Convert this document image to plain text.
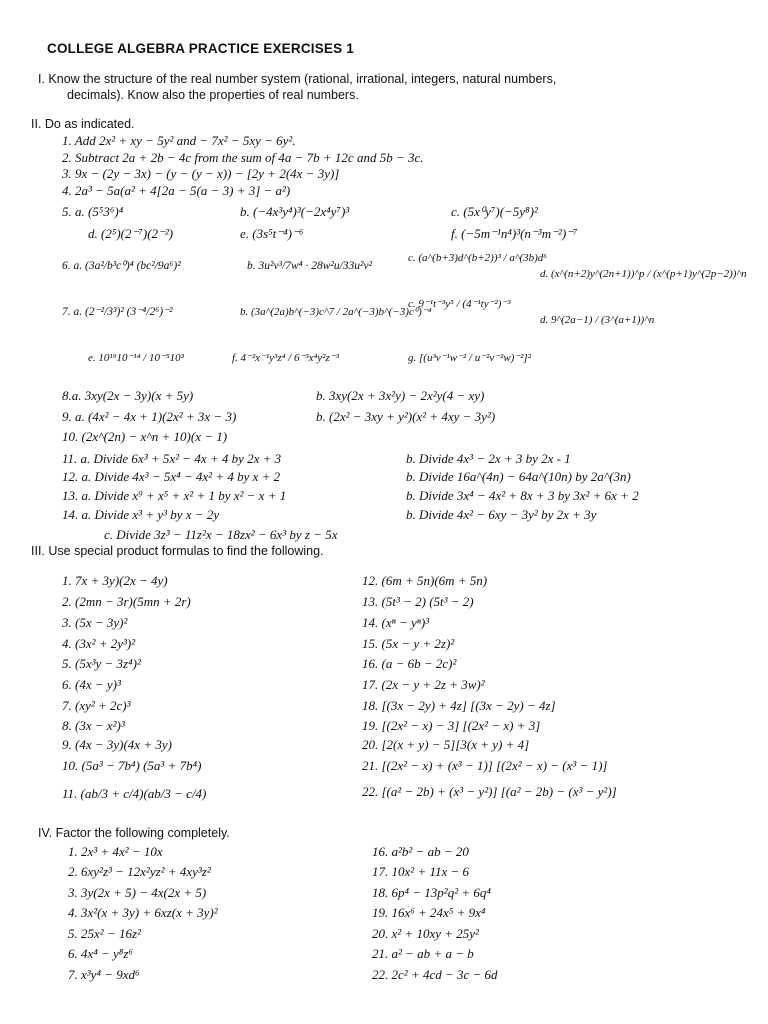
COLLEGE ALGEBRA PRACTICE EXERCISES 1
I. Know the structure of the real number system (rational, irrational, integers, natural numbers,
decimals). Know also the properties of real numbers.
II. Do as indicated.
1. Add 2x² + xy − 5y² and − 7x² − 5xy − 6y².
2. Subtract 2a + 2b − 4c from the sum of 4a − 7b + 12c and 5b − 3c.
3. 9x − (2y − 3x) − (y − (y − x)) − [2y + 2(4x − 3y)]
4. 2a³ − 5a(a² + 4[2a − 5(a − 3) + 3] − a²)
5. a. (5⁵3⁶)⁴	b. (−4x³y⁴)³(−2x⁴y⁷)³	c. (5x⁰y⁷)(−5y⁸)²
d. (2⁵)(2⁻⁷)(2⁻²)	e. (3s⁵t⁻⁴)⁻⁶	f. (−5m⁻¹n⁴)³(n⁻³m⁻²)⁻⁷
6. a. (3a²/b³c⁰)⁴ (bc²/9a⁶)²	b. 3u²v³/7w⁴ · 28w²u/33u²v²
c. (a^(b+3)d^(b+2))³ / a^(3b)d⁶
d. (x^(n+2)y^(2n+1))^p / (x^(p+1)y^(2p−2))^n
7. a. (2⁻²/3³)² (3⁻⁴/2⁶)⁻²	b. (3a^(2a)b^(−3)c^7 / 2a^(−3)b^(−3)c⁰)⁻⁴
c. 9⁻¹t⁻³y⁵ / (4⁻¹ty⁻²)⁻³
d. 9^(2a−1) / (3^(a+1))^n
e. 10¹⁹10⁻¹⁴ / 10⁻⁵10³	f. 4⁻²x⁻¹y³z⁴ / 6⁻³x⁴y²z⁻³	g. [(u³v⁻¹w⁻² / u⁻²v⁻²w)⁻²]²
8.a. 3xy(2x − 3y)(x + 5y)	b. 3xy(2x + 3x²y) − 2x²y(4 − xy)
9. a. (4x² − 4x + 1)(2x² + 3x − 3)	b. (2x² − 3xy + y²)(x² + 4xy − 3y²)
10. (2x^(2n) − x^n + 10)(x − 1)
11. a. Divide 6x³ + 5x² − 4x + 4 by 2x + 3	b. Divide 4x³ − 2x + 3 by 2x - 1
12. a. Divide 4x³ − 5x⁴ − 4x² + 4 by x + 2	b. Divide 16a^(4n) − 64a^(10n) by 2a^(3n)
13. a. Divide x⁹ + x⁵ + x² + 1 by x² − x + 1	b. Divide 3x⁴ − 4x² + 8x + 3 by 3x² + 6x + 2
14. a. Divide x³ + y³ by x − 2y	b. Divide 4x² − 6xy − 3y² by 2x + 3y
c. Divide 3z³ − 11z²x − 18zx² − 6x³ by z − 5x
III. Use special product formulas to find the following.
1. 7x + 3y)(2x − 4y)
2. (2mn − 3r)(5mn + 2r)
3. (5x − 3y)²
4. (3x² + 2y³)²
5. (5x³y − 3z⁴)²
6. (4x − y)³
7. (xy² + 2c)³
8. (3x − x²)³
9. (4x − 3y)(4x + 3y)
10. (5a³ − 7b⁴) (5a³ + 7b⁴)
11. (ab/3 + c/4)(ab/3 − c/4)
12. (6m + 5n)(6m + 5n)
13. (5t³ − 2) (5t³ − 2)
14. (xⁿ − yⁿ)³
15. (5x − y + 2z)²
16. (a − 6b − 2c)²
17. (2x − y + 2z + 3w)²
18. [(3x − 2y) + 4z] [(3x − 2y) − 4z]
19. [(2x² − x) − 3] [(2x² − x) + 3]
20. [2(x + y) − 5][3(x + y) + 4]
21. [(2x² − x) + (x³ − 1)] [(2x² − x) − (x³ − 1)]
22. [(a² − 2b) + (x³ − y²)] [(a² − 2b) − (x³ − y²)]
IV. Factor the following completely.
1. 2x³ + 4x² − 10x
2. 6xy²z³ − 12x²yz² + 4xy³z²
3. 3y(2x + 5) − 4x(2x + 5)
4. 3x²(x + 3y) + 6xz(x + 3y)²
5. 25x² − 16z²
6. 4x⁴ − y⁸z⁶
7. x³y⁴ − 9xd⁶
16. a²b² − ab − 20
17. 10x² + 11x − 6
18. 6p⁴ − 13p²q² + 6q⁴
19. 16x⁶ + 24x⁵ + 9x⁴
20. x² + 10xy + 25y²
21. a² − ab + a − b
22. 2c² + 4cd − 3c − 6d
